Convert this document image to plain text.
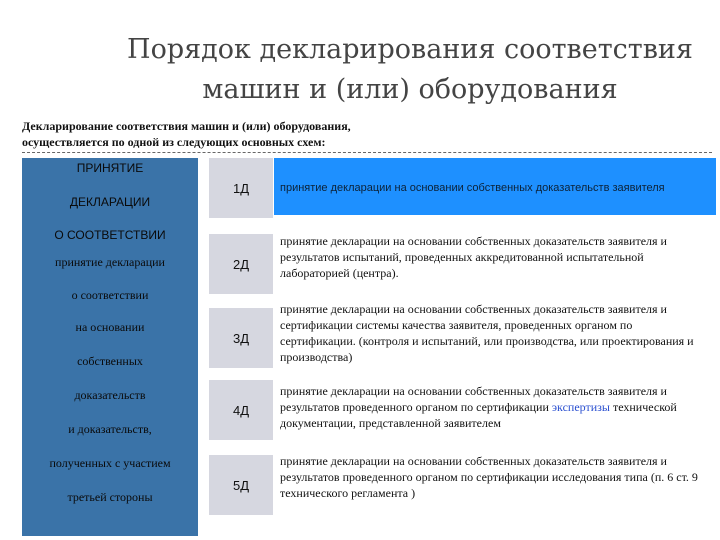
Порядок декларирования соответствия
машин и (или) оборудования
Декларирование соответствия машин и (или) оборудования,
осуществляется по одной из следующих основных схем:
ПРИНЯТИЕ
ДЕКЛАРАЦИИ
О СООТВЕТСТВИИ
принятие декларации
о соответствии
на основании
собственных
доказательств
и доказательств,
полученных с участием
третьей стороны
1Д	принятие декларации на основании собственных доказательств заявителя
2Д
принятие декларации на основании собственных доказательств заявителя и результатов испытаний, проведенных аккредитованной испытательной лабораторией (центра).
3Д
принятие декларации на основании собственных доказательств заявителя и сертификации системы качества заявителя, проведенных органом по сертификации. (контроля и испытаний, или производства, или проектирования и производства)
4Д
принятие декларации на основании собственных доказательств заявителя и результатов проведенного органом по сертификации экспертизы технической документации, представленной заявителем
5Д
принятие декларации на основании собственных доказательств заявителя и результатов проведенного органом по сертификации исследования типа (п. 6 ст. 9 технического регламента )
